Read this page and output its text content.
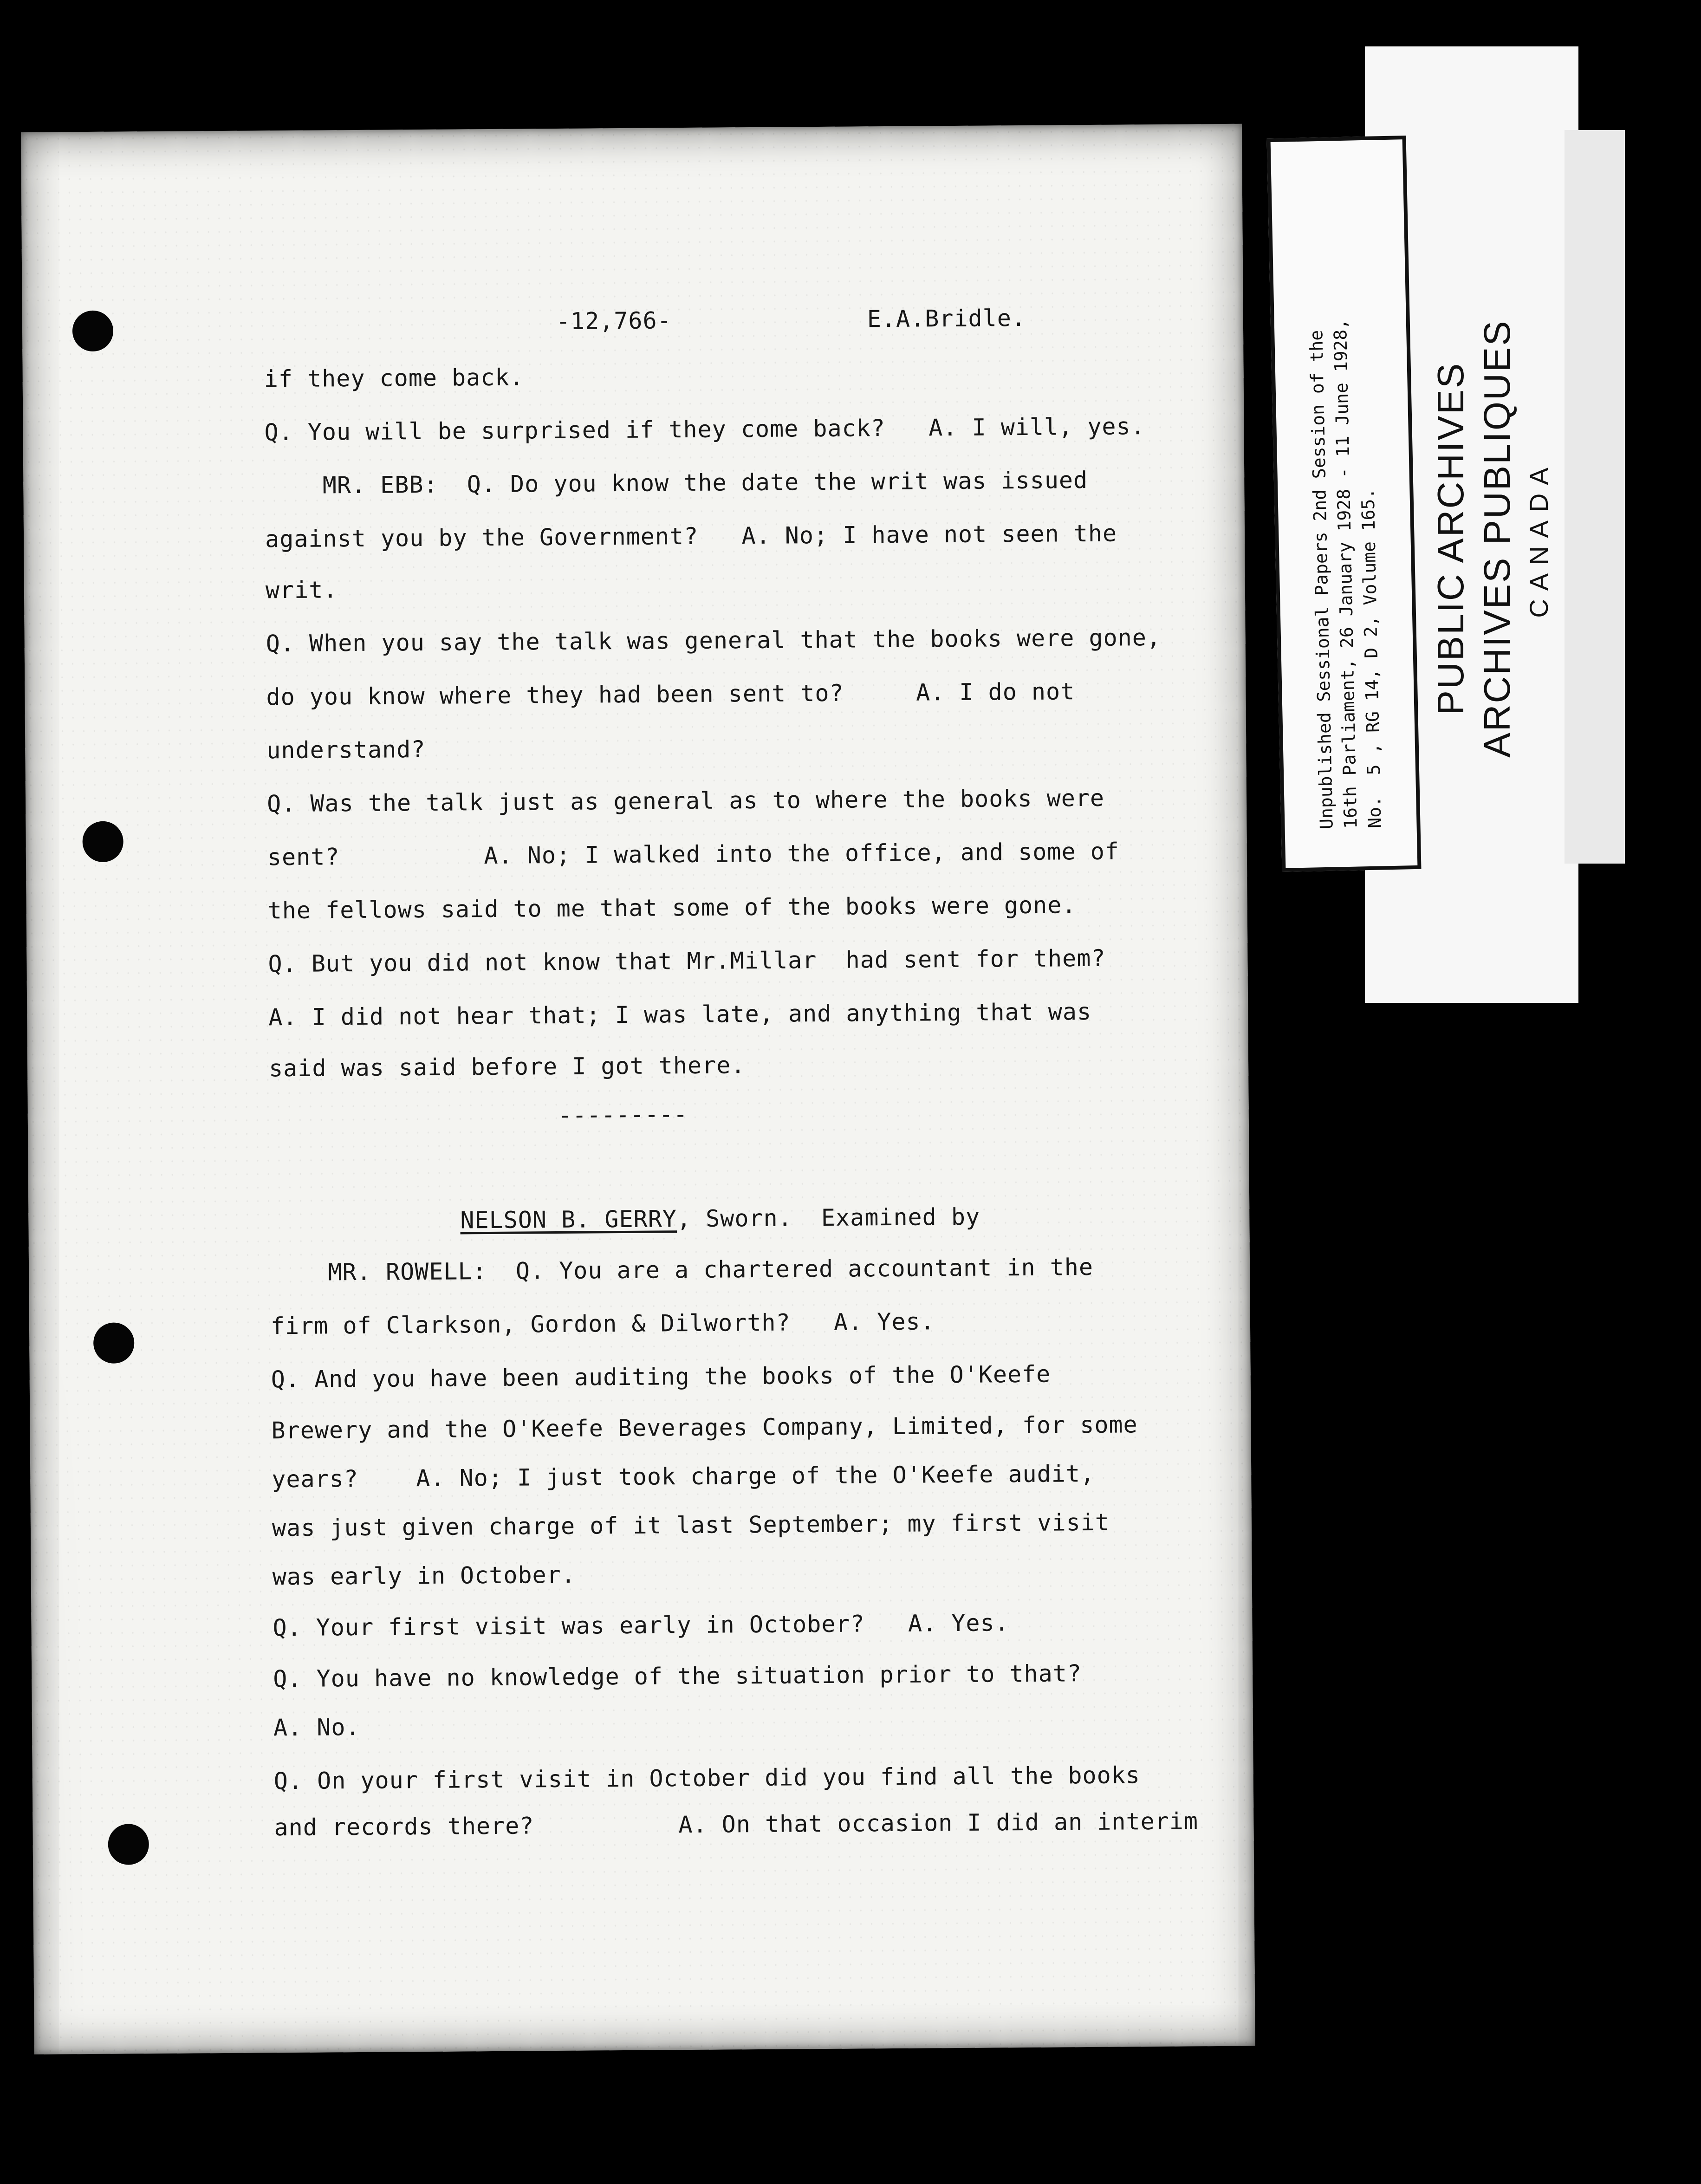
-12,766-	E.A.Bridle.
if they come back.
Q. You will be surprised if they come back?   A. I will, yes.
MR. EBB:  Q. Do you know the date the writ was issued
against you by the Government?   A. No; I have not seen the
writ.
Q. When you say the talk was general that the books were gone,
do you know where they had been sent to?     A. I do not
understand?
Q. Was the talk just as general as to where the books were
sent?          A. No; I walked into the office, and some of
the fellows said to me that some of the books were gone.
Q. But you did not know that Mr.Millar  had sent for them?
A. I did not hear that; I was late, and anything that was
said was said before I got there.
---------
NELSON B. GERRY, Sworn.  Examined by
MR. ROWELL:  Q. You are a chartered accountant in the
firm of Clarkson, Gordon & Dilworth?   A. Yes.
Q. And you have been auditing the books of the O'Keefe
Brewery and the O'Keefe Beverages Company, Limited, for some
years?    A. No; I just took charge of the O'Keefe audit,
was just given charge of it last September; my first visit
was early in October.
Q. Your first visit was early in October?   A. Yes.
Q. You have no knowledge of the situation prior to that?
A. No.
Q. On your first visit in October did you find all the books
and records there?          A. On that occasion I did an interim
Unpublished Sessional Papers 2nd Session of the
16th Parliament, 26 January 1928 - 11 June 1928,
No.  5 , RG 14, D 2, Volume 165. PUBLIC ARCHIVES ARCHIVES PUBLIQUES CANADA
